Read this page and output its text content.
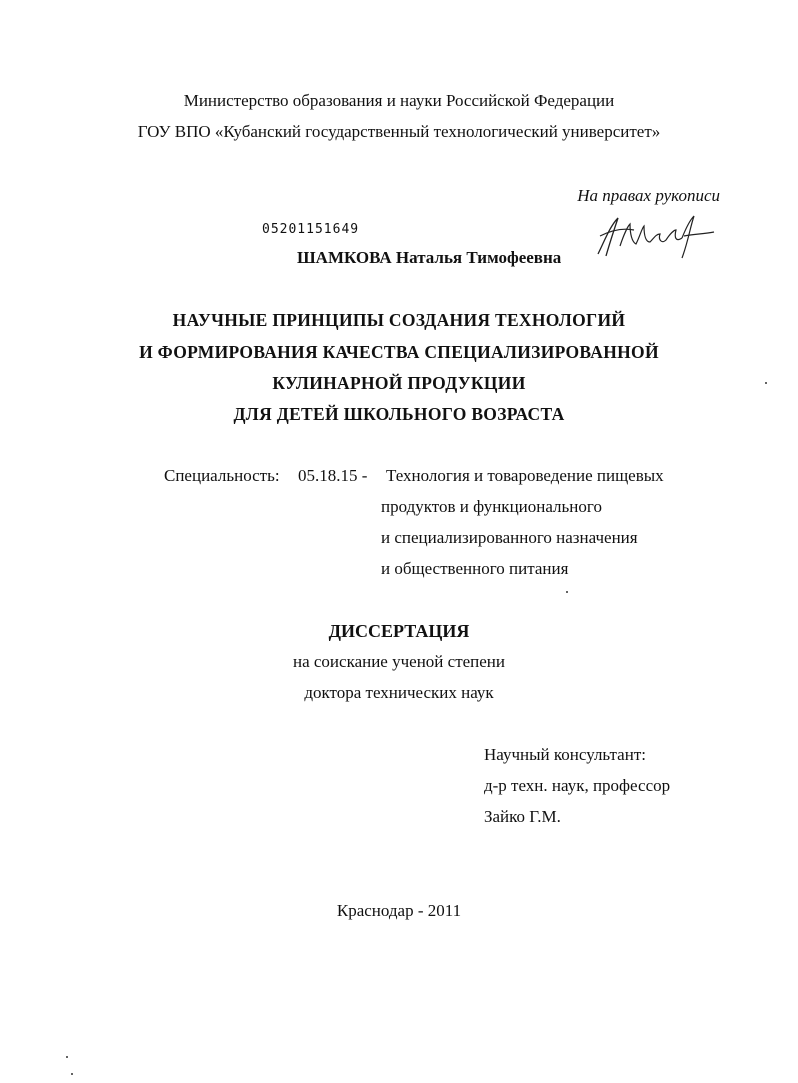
Министерство образования и науки Российской Федерации
ГОУ ВПО «Кубанский государственный технологический университет»
На правах рукописи
05201151649
ШАМКОВА Наталья Тимофеевна
НАУЧНЫЕ ПРИНЦИПЫ СОЗДАНИЯ ТЕХНОЛОГИЙ
И ФОРМИРОВАНИЯ КАЧЕСТВА СПЕЦИАЛИЗИРОВАННОЙ
КУЛИНАРНОЙ ПРОДУКЦИИ
ДЛЯ ДЕТЕЙ ШКОЛЬНОГО ВОЗРАСТА
Специальность: 05.18.15 - Технология и товароведение пищевых
продуктов и функционального
и специализированного назначения
и общественного питания
ДИССЕРТАЦИЯ
на соискание ученой степени
доктора технических наук
Научный консультант:
д-р техн. наук, профессор
Зайко Г.М.
Краснодар - 2011
